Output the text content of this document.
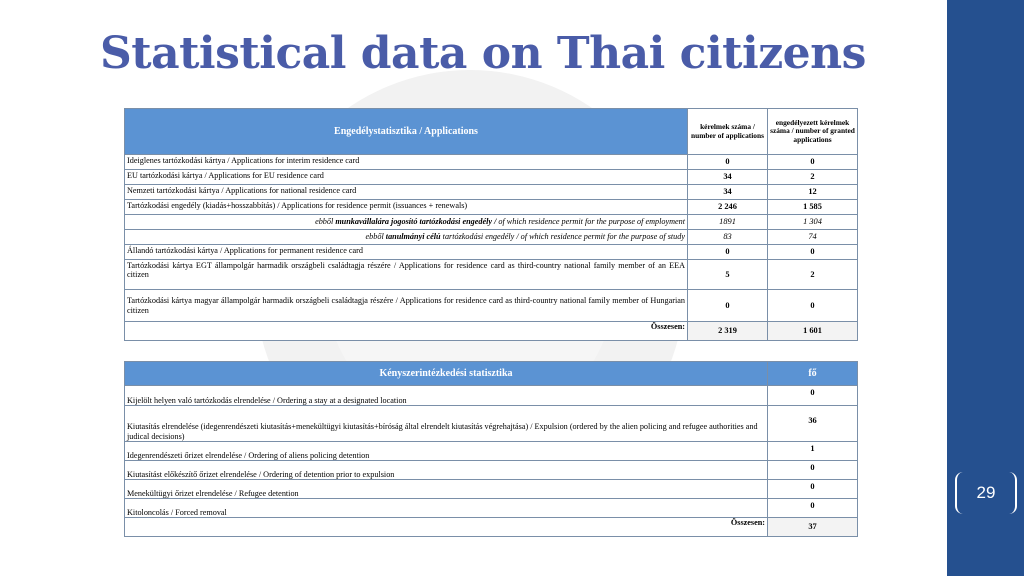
Statistical data on Thai citizens
Engedélystatisztika / Applications	kérelmek száma / number of applications	engedélyezett kérelmek száma / number of granted applications
Ideiglenes tartózkodási kártya / Applications for interim residence card	0	0
EU tartózkodási kártya / Applications for EU residence card	34	2
Nemzeti tartózkodási kártya / Applications for national residence card	34	12
Tartózkodási engedély (kiadás+hosszabbítás) / Applications for residence permit (issuances + renewals)	2 246	1 585
ebből munkavállalára jogosító tartózkodási engedély / of which residence permit for the purpose of employment	1891	1 304
ebből tanulmányi célú tartózkodási engedély / of which residence permit for the purpose of study	83	74
Állandó tartózkodási kártya / Applications for permanent residence card	0	0
Tartózkodási kártya EGT állampolgár harmadik országbeli családtagja részére / Applications for residence card as third-country national family member of an EEA citizen	5	2
Tartózkodási kártya magyar állampolgár harmadik országbeli családtagja részére / Applications for residence card as third-country national family member of Hungarian citizen	0	0
Összesen:	2 319	1 601
Kényszerintézkedési statisztika	fő
Kijelölt helyen való tartózkodás elrendelése / Ordering a stay at a designated location	0
Kiutasítás elrendelése (idegenrendészeti kiutasítás+menekültügyi kiutasítás+bíróság által elrendelt kiutasítás végrehajtása) / Expulsion (ordered by the alien policing and refugee authorities and judical decisions)	36
Idegenrendészeti őrizet elrendelése / Ordering of aliens policing detention	1
Kiutasítást előkészítő őrizet elrendelése / Ordering of detention prior to expulsion	0
Menekültügyi őrizet elrendelése / Refugee detention	0
Kitoloncolás / Forced removal	0
Összesen:	37
29
